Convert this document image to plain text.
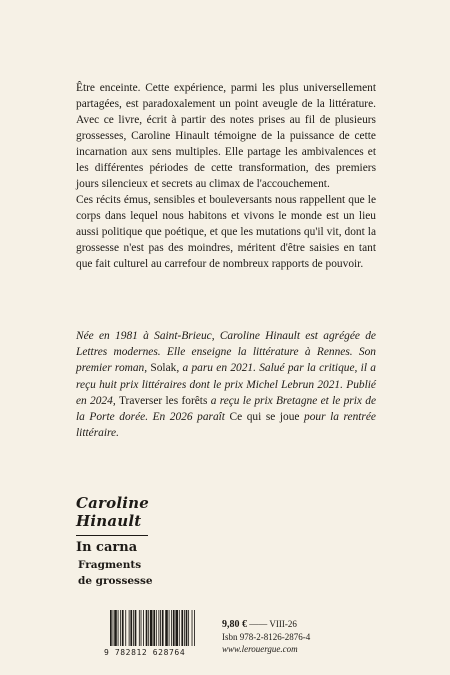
Être enceinte. Cette expérience, parmi les plus universellement partagées, est paradoxalement un point aveugle de la littérature. Avec ce livre, écrit à partir des notes prises au fil de plusieurs grossesses, Caroline Hinault témoigne de la puissance de cette incarnation aux sens multiples. Elle partage les ambivalences et les différentes périodes de cette transformation, des premiers jours silencieux et secrets au climax de l'accouchement.

Ces récits émus, sensibles et bouleversants nous rappellent que le corps dans lequel nous habitons et vivons le monde est un lieu aussi politique que poétique, et que les mutations qu'il vit, dont la grossesse n'est pas des moindres, méritent d'être saisies en tant que fait culturel au carrefour de nombreux rapports de pouvoir.

Née en 1981 à Saint-Brieuc, Caroline Hinault est agrégée de Lettres modernes. Elle enseigne la littérature à Rennes. Son premier roman, Solak, a paru en 2021. Salué par la critique, il a reçu huit prix littéraires dont le prix Michel Lebrun 2021. Publié en 2024, Traverser les forêts a reçu le prix Bretagne et le prix de la Porte dorée. En 2026 paraît Ce qui se joue pour la rentrée littéraire.

Caroline

Hinault

In carna

Fragments

de grossesse

9 782812 628764
9,80 € —— VIII-26
Isbn 978-2-8126-2876-4
www.lerouergue.com
